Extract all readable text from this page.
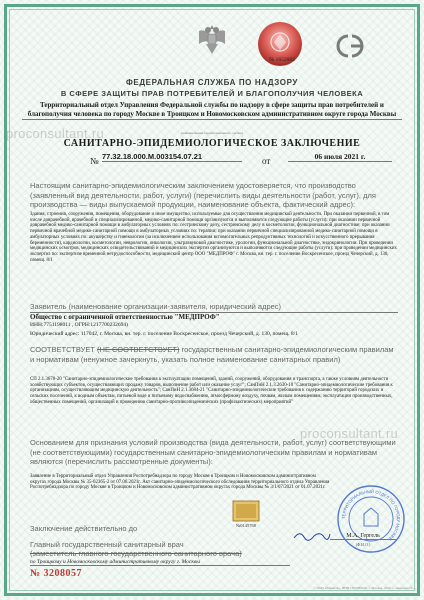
proconsultant.ru
proconsultant.ru
№ 1652082
ФЕДЕРАЛЬНАЯ СЛУЖБА ПО НАДЗОРУ
В СФЕРЕ ЗАЩИТЫ ПРАВ ПОТРЕБИТЕЛЕЙ И БЛАГОПОЛУЧИЯ ЧЕЛОВЕКА
Территориальный отдел Управления Федеральной службы по надзору в сфере защиты прав потребителей и благополучия человека по городу Москве в Троицком и Новомосковском административном округе города Москвы
(наименование территориального органа)
САНИТАРНО-ЭПИДЕМИОЛОГИЧЕСКОЕ ЗАКЛЮЧЕНИЕ
№ 77.32.18.000.М.003154.07.21	от	06 июля 2021 г.
Настоящим санитарно-эпидемиологическим заключением удостоверяется, что производство (заявленный вид деятельности, работ, услуги) (перечислить виды деятельности (работ, услуг), для производства — виды выпускаемой продукции, наименование объекта, фактический адрес):
Здания, строения, сооружения, помещения, оборудование и иное имущество, используемые для осуществления медицинской деятельности. При оказании первичной, в том числе доврачебной, врачебной и специализированной, медико-санитарной помощи организуются и выполняются следующие работы (услуги): при оказании первичной доврачебной медико-санитарной помощи в амбулаторных условиях по: сестринскому делу, сестринскому делу в косметологии, функциональной диагностике; при оказании первичной врачебной медико-санитарной помощи в амбулаторных условиях по: терапии; при оказании первичной специализированной медико-санитарной помощи в амбулаторных условиях по: акушерству и гинекологии (за исключением использования вспомогательных репродуктивных технологий и искусственного прерывания беременности), кардиологии, косметологии, неврологии, онкологии, ультразвуковой диагностике, урологии, функциональной диагностике, эндокринологии. При проведении медицинских осмотров, медицинских освидетельствований и медицинских экспертиз организуются и выполняются следующие работы (услуги): при проведении медицинских экспертиз по: экспертизе временной нетрудоспособности, медицинский центр ООО "МЕДПРОФ" г. Москва, вн. тер. г. поселение Воскресенское, проезд Чечерский, д. 130, помещ. 8/1
Заявитель (наименование организации-заявителя, юридический адрес)
Общество с ограниченной ответственностью "МЕДПРОФ"
ИНН:7751198011 , ОГРН:1217700232694)
Юридический адрес: 117042, г. Москва, вн. тер. г. поселение Воскресенское, проезд Чечерский, д. 130, помещ. 8/1
СООТВЕТСТВУЕТ (НЕ СООТВЕТСТВУЕТ) государственным санитарно-эпидемиологическим правилам и нормативам (ненужное зачеркнуть, указать полное наименование санитарных правил)
СП 2.1.3678-20 "Санитарно-эпидемиологические требования к эксплуатации помещений, зданий, сооружений, оборудования и транспорта, а также условиям деятельности хозяйствующих субъектов, осуществляющих продажу товаров, выполнение работ или оказание услуг"; СанПиН 2.1.3.2630-10 "Санитарно-эпидемиологические требования к организациям, осуществляющим медицинскую деятельность"; СанПиН 2.1.3684-21 "Санитарно-эпидемиологические требования к содержанию территорий городских и сельских поселений, к водным объектам, питьевой воде и питьевому водоснабжению, атмосферному воздуху, почвам, жилым помещениям, эксплуатации производственных, общественных помещений, организаций и проведению санитарно-противоэпидемических (профилактических) мероприятий"
Основанием для признания условий производства (вида деятельности, работ, услуг) соответствующими (не соответствующими) государственным санитарно-эпидемиологическим правилам и нормативам являются (перечислить рассмотренные документы):
Заявление в Территориальный отдел Управления Роспотребнадзора по городу Москве в Троицком и Новомосковском административном округах города Москвы № 35-02365-2 от 07.06.2021г. Акт санитарно-эпидемиологического обследования территориального отдела Управления Роспотребнадзора по городу Москве в Троицком и Новомосковском административном округах города Москвы № 3/1/07/2021 от 01.07.2021г.
Заключение действительно до
Главный государственный санитарный врач
(заместитель главного государственного санитарного врача)
по Троицкому и Новомосковскому административному округу г. Москвы
ТЕРРИТОРИАЛЬНЫЙ ОТДЕЛ ПО ГОРОДУ МОСКВЕ
№0145768
М.А. Гергель
(Ф.И.О.)
№ 3208057
© ООО «Юнилаб», ИНН 1655086100, г. Москва, 2020 г., лицензия № ...
